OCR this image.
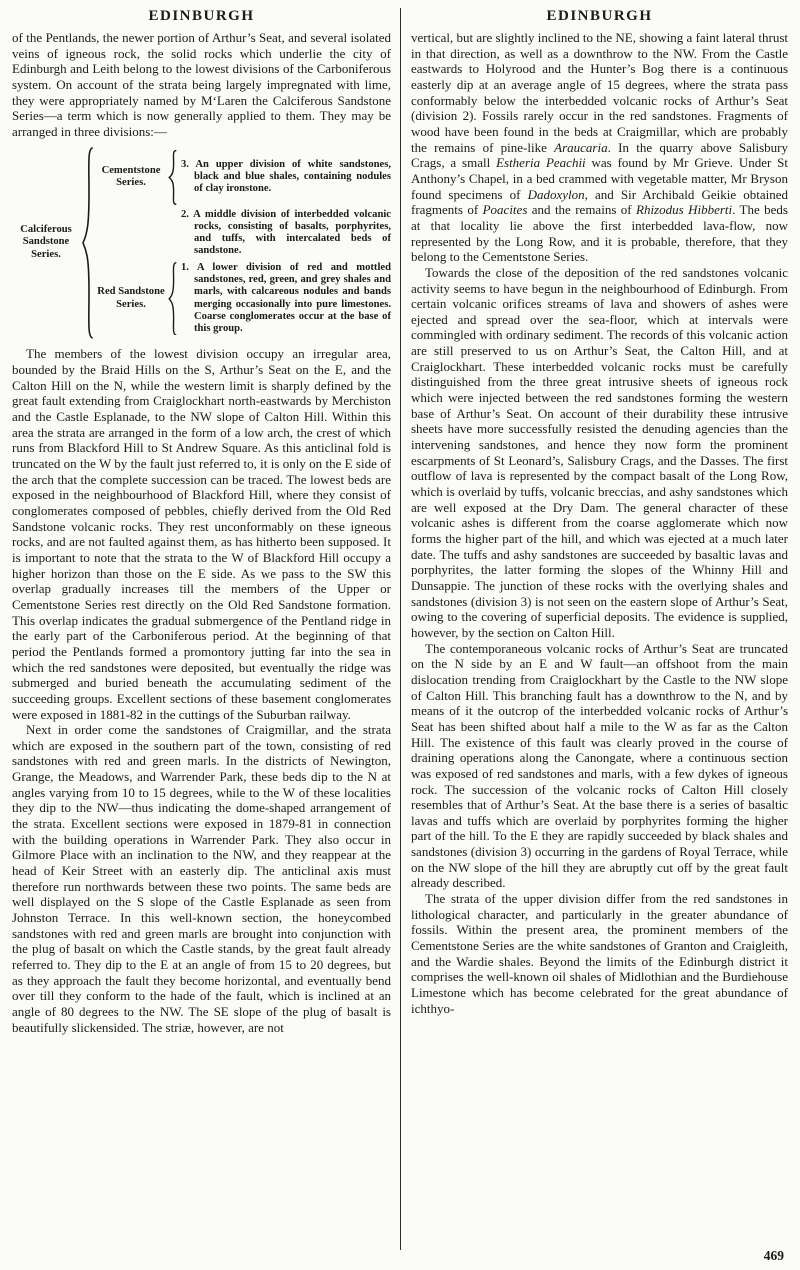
EDINBURGH

of the Pentlands, the newer portion of Arthur’s Seat, and several isolated veins of igneous rock, the solid rocks which underlie the city of Edinburgh and Leith belong to the lowest divisions of the Carboniferous system. On account of the strata being largely impregnated with lime, they were appropriately named by M‘Laren the Calciferous Sandstone Series—a term which is now generally applied to them. They may be arranged in three divisions:—

Calciferous Sandstone Series.
Cementstone Series.
3. An upper division of white sandstones, black and blue shales, containing nodules of clay ironstone.
2. A middle division of interbedded volcanic rocks, consisting of basalts, porphyrites, and tuffs, with intercalated beds of sandstone.
Red Sandstone Series.
1. A lower division of red and mottled sandstones, red, green, and grey shales and marls, with calcareous nodules and bands merging occasionally into pure limestones. Coarse conglomerates occur at the base of this group.

The members of the lowest division occupy an irregular area, bounded by the Braid Hills on the S, Arthur’s Seat on the E, and the Calton Hill on the N, while the western limit is sharply defined by the great fault extending from Craiglockhart north-eastwards by Merchiston and the Castle Esplanade, to the NW slope of Calton Hill. Within this area the strata are arranged in the form of a low arch, the crest of which runs from Blackford Hill to St Andrew Square. As this anticlinal fold is truncated on the W by the fault just referred to, it is only on the E side of the arch that the complete succession can be traced. The lowest beds are exposed in the neighbourhood of Blackford Hill, where they consist of conglomerates composed of pebbles, chiefly derived from the Old Red Sandstone volcanic rocks. They rest unconformably on these igneous rocks, and are not faulted against them, as has hitherto been supposed. It is important to note that the strata to the W of Blackford Hill occupy a higher horizon than those on the E side. As we pass to the SW this overlap gradually increases till the members of the Upper or Cementstone Series rest directly on the Old Red Sandstone formation. This overlap indicates the gradual submergence of the Pentland ridge in the early part of the Carboniferous period. At the beginning of that period the Pentlands formed a promontory jutting far into the sea in which the red sandstones were deposited, but eventually the ridge was submerged and buried beneath the accumulating sediment of the succeeding groups. Excellent sections of these basement conglomerates were exposed in 1881-82 in the cuttings of the Suburban railway.

Next in order come the sandstones of Craigmillar, and the strata which are exposed in the southern part of the town, consisting of red sandstones with red and green marls. In the districts of Newington, Grange, the Meadows, and Warrender Park, these beds dip to the N at angles varying from 10 to 15 degrees, while to the W of these localities they dip to the NW—thus indicating the dome-shaped arrangement of the strata. Excellent sections were exposed in 1879-81 in connection with the building operations in Warrender Park. They also occur in Gilmore Place with an inclination to the NW, and they reappear at the head of Keir Street with an easterly dip. The anticlinal axis must therefore run northwards between these two points. The same beds are well displayed on the S slope of the Castle Esplanade as seen from Johnston Terrace. In this well-known section, the honeycombed sandstones with red and green marls are brought into conjunction with the plug of basalt on which the Castle stands, by the great fault already referred to. They dip to the E at an angle of from 15 to 20 degrees, but as they approach the fault they become horizontal, and eventually bend over till they conform to the hade of the fault, which is inclined at an angle of 80 degrees to the NW. The SE slope of the plug of basalt is beautifully slickensided. The striæ, however, are not

EDINBURGH

vertical, but are slightly inclined to the NE, showing a faint lateral thrust in that direction, as well as a downthrow to the NW. From the Castle eastwards to Holyrood and the Hunter’s Bog there is a continuous easterly dip at an average angle of 15 degrees, where the strata pass conformably below the interbedded volcanic rocks of Arthur’s Seat (division 2). Fossils rarely occur in the red sandstones. Fragments of wood have been found in the beds at Craigmillar, which are probably the remains of pine-like Araucaria. In the quarry above Salisbury Crags, a small Estheria Peachii was found by Mr Grieve. Under St Anthony’s Chapel, in a bed crammed with vegetable matter, Mr Bryson found specimens of Dadoxylon, and Sir Archibald Geikie obtained fragments of Poacites and the remains of Rhizodus Hibberti. The beds at that locality lie above the first interbedded lava-flow, now represented by the Long Row, and it is probable, therefore, that they belong to the Cementstone Series.

Towards the close of the deposition of the red sandstones volcanic activity seems to have begun in the neighbourhood of Edinburgh. From certain volcanic orifices streams of lava and showers of ashes were ejected and spread over the sea-floor, which at intervals were commingled with ordinary sediment. The records of this volcanic action are still preserved to us on Arthur’s Seat, the Calton Hill, and at Craiglockhart. These interbedded volcanic rocks must be carefully distinguished from the three great intrusive sheets of igneous rock which were injected between the red sandstones forming the western base of Arthur’s Seat. On account of their durability these intrusive sheets have more successfully resisted the denuding agencies than the intervening sandstones, and hence they now form the prominent escarpments of St Leonard’s, Salisbury Crags, and the Dasses. The first outflow of lava is represented by the compact basalt of the Long Row, which is overlaid by tuffs, volcanic breccias, and ashy sandstones which are well exposed at the Dry Dam. The general character of these volcanic ashes is different from the coarse agglomerate which now forms the higher part of the hill, and which was ejected at a much later date. The tuffs and ashy sandstones are succeeded by basaltic lavas and porphyrites, the latter forming the slopes of the Whinny Hill and Dunsappie. The junction of these rocks with the overlying shales and sandstones (division 3) is not seen on the eastern slope of Arthur’s Seat, owing to the covering of superficial deposits. The evidence is supplied, however, by the section on Calton Hill.

The contemporaneous volcanic rocks of Arthur’s Seat are truncated on the N side by an E and W fault—an offshoot from the main dislocation trending from Craiglockhart by the Castle to the NW slope of Calton Hill. This branching fault has a downthrow to the N, and by means of it the outcrop of the interbedded volcanic rocks of Arthur’s Seat has been shifted about half a mile to the W as far as the Calton Hill. The existence of this fault was clearly proved in the course of draining operations along the Canongate, where a continuous section was exposed of red sandstones and marls, with a few dykes of igneous rock. The succession of the volcanic rocks of Calton Hill closely resembles that of Arthur’s Seat. At the base there is a series of basaltic lavas and tuffs which are overlaid by porphyrites forming the higher part of the hill. To the E they are rapidly succeeded by black shales and sandstones (division 3) occurring in the gardens of Royal Terrace, while on the NW slope of the hill they are abruptly cut off by the great fault already described.

The strata of the upper division differ from the red sandstones in lithological character, and particularly in the greater abundance of fossils. Within the present area, the prominent members of the Cementstone Series are the white sandstones of Granton and Craigleith, and the Wardie shales. Beyond the limits of the Edinburgh district it comprises the well-known oil shales of Midlothian and the Burdiehouse Limestone which has become celebrated for the great abundance of ichthyo-

469
